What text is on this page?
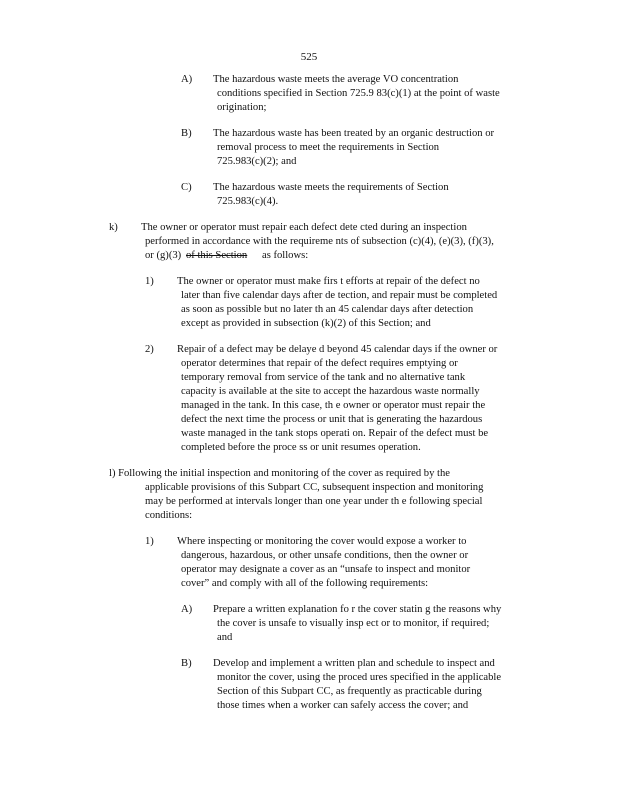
525
A) The hazardous waste meets the average VO concentration
conditions specified in Section 725.9 83(c)(1) at the point of waste
origination;
B) The hazardous waste has been treated by an organic destruction or
removal process to meet the requirements in Section
725.983(c)(2); and
C) The hazardous waste meets the requirements of Section
725.983(c)(4).
k) The owner or operator must repair each defect dete cted during an inspection
performed in accordance with the requireme nts of subsection (c)(4), (e)(3), (f)(3),
or (g)(3) of this Section as follows:
1) The owner or operator must make firs t efforts at repair of the defect no
later than five calendar days after de tection, and repair must be completed
as soon as possible but no later th an 45 calendar days after detection
except as provided in subsection (k)(2) of this Section; and
2) Repair of a defect may be delaye d beyond 45 calendar days if the owner or
operator determines that repair of the defect requires emptying or
temporary removal from service of the tank and no alternative tank
capacity is available at the site to accept the hazardous waste normally
managed in the tank. In this case, th e owner or operator must repair the
defect the next time the process or unit that is generating the hazardous
waste managed in the tank stops operati on. Repair of the defect must be
completed before the proce ss or unit resumes operation.
l) Following the initial inspection and monitoring of the cover as required by the
applicable provisions of this Subpart CC, subsequent inspection and monitoring
may be performed at intervals longer than one year under th e following special
conditions:
1) Where inspecting or monitoring the cover would expose a worker to
dangerous, hazardous, or other unsafe conditions, then the owner or
operator may designate a cover as an “unsafe to inspect and monitor
cover” and comply with all of the following requirements:
A) Prepare a written explanation fo r the cover statin g the reasons why
the cover is unsafe to visually insp ect or to monitor, if required;
and
B) Develop and implement a written plan and schedule to inspect and
monitor the cover, using the proced ures specified in the applicable
Section of this Subpart CC, as frequently as practicable during
those times when a worker can safely access the cover; and
